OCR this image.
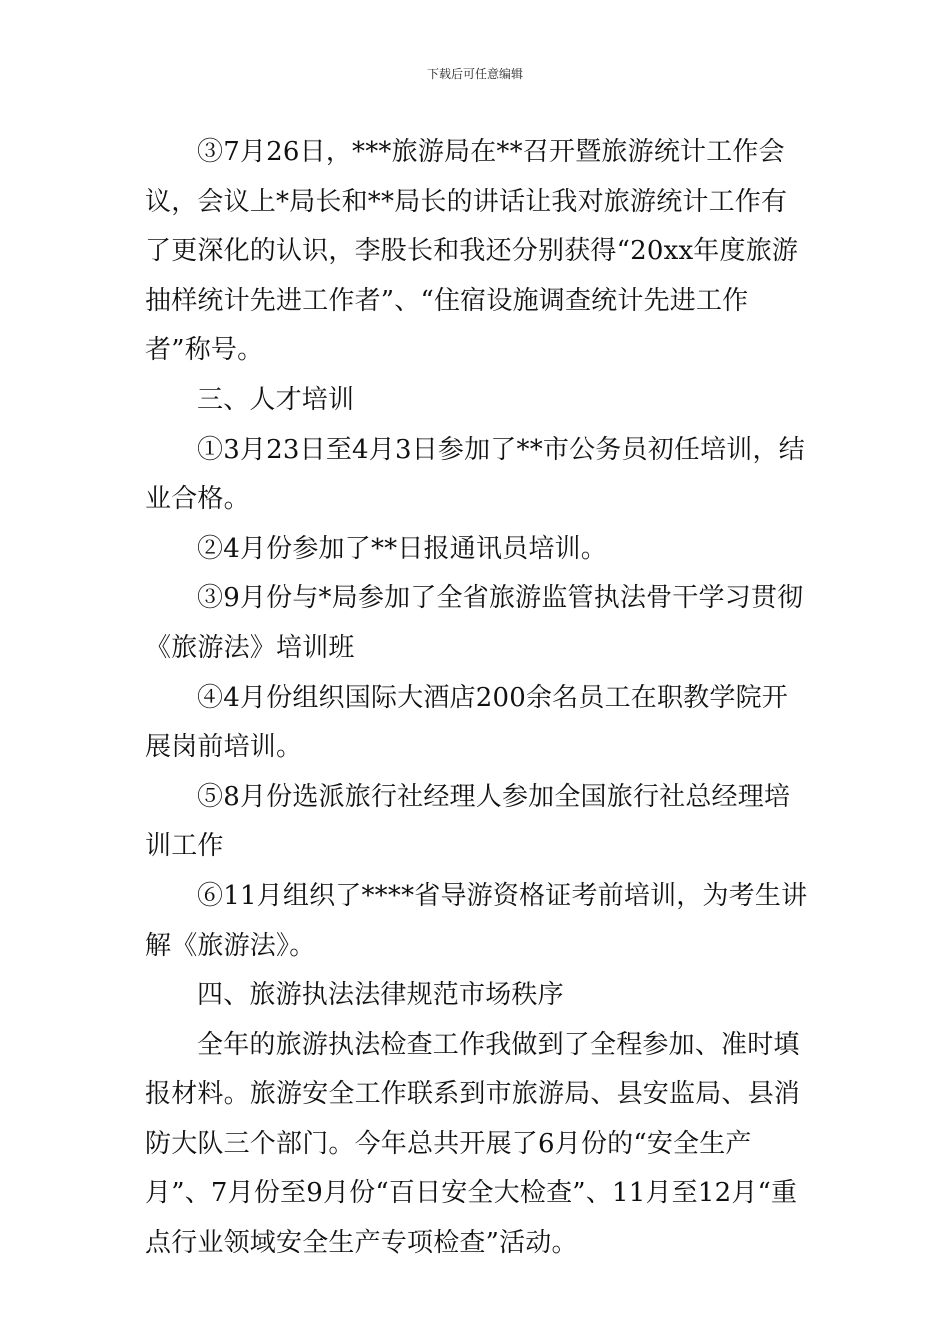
下载后可任意编辑

③7月26日，***旅游局在**召开暨旅游统计工作会议，会议上*局长和**局长的讲话让我对旅游统计工作有了更深化的认识，李股长和我还分别获得“20xx年度旅游抽样统计先进工作者”、“住宿设施调查统计先进工作者”称号。

三、人才培训

①3月23日至4月3日参加了**市公务员初任培训，结业合格。

②4月份参加了**日报通讯员培训。

③9月份与*局参加了全省旅游监管执法骨干学习贯彻《旅游法》培训班

④4月份组织国际大酒店200余名员工在职教学院开展岗前培训。

⑤8月份选派旅行社经理人参加全国旅行社总经理培训工作

⑥11月组织了****省导游资格证考前培训，为考生讲解《旅游法》。

四、旅游执法法律规范市场秩序

全年的旅游执法检查工作我做到了全程参加、准时填报材料。旅游安全工作联系到市旅游局、县安监局、县消防大队三个部门。今年总共开展了6月份的“安全生产月”、7月份至9月份“百日安全大检查”、11月至12月“重点行业领域安全生产专项检查”活动。
